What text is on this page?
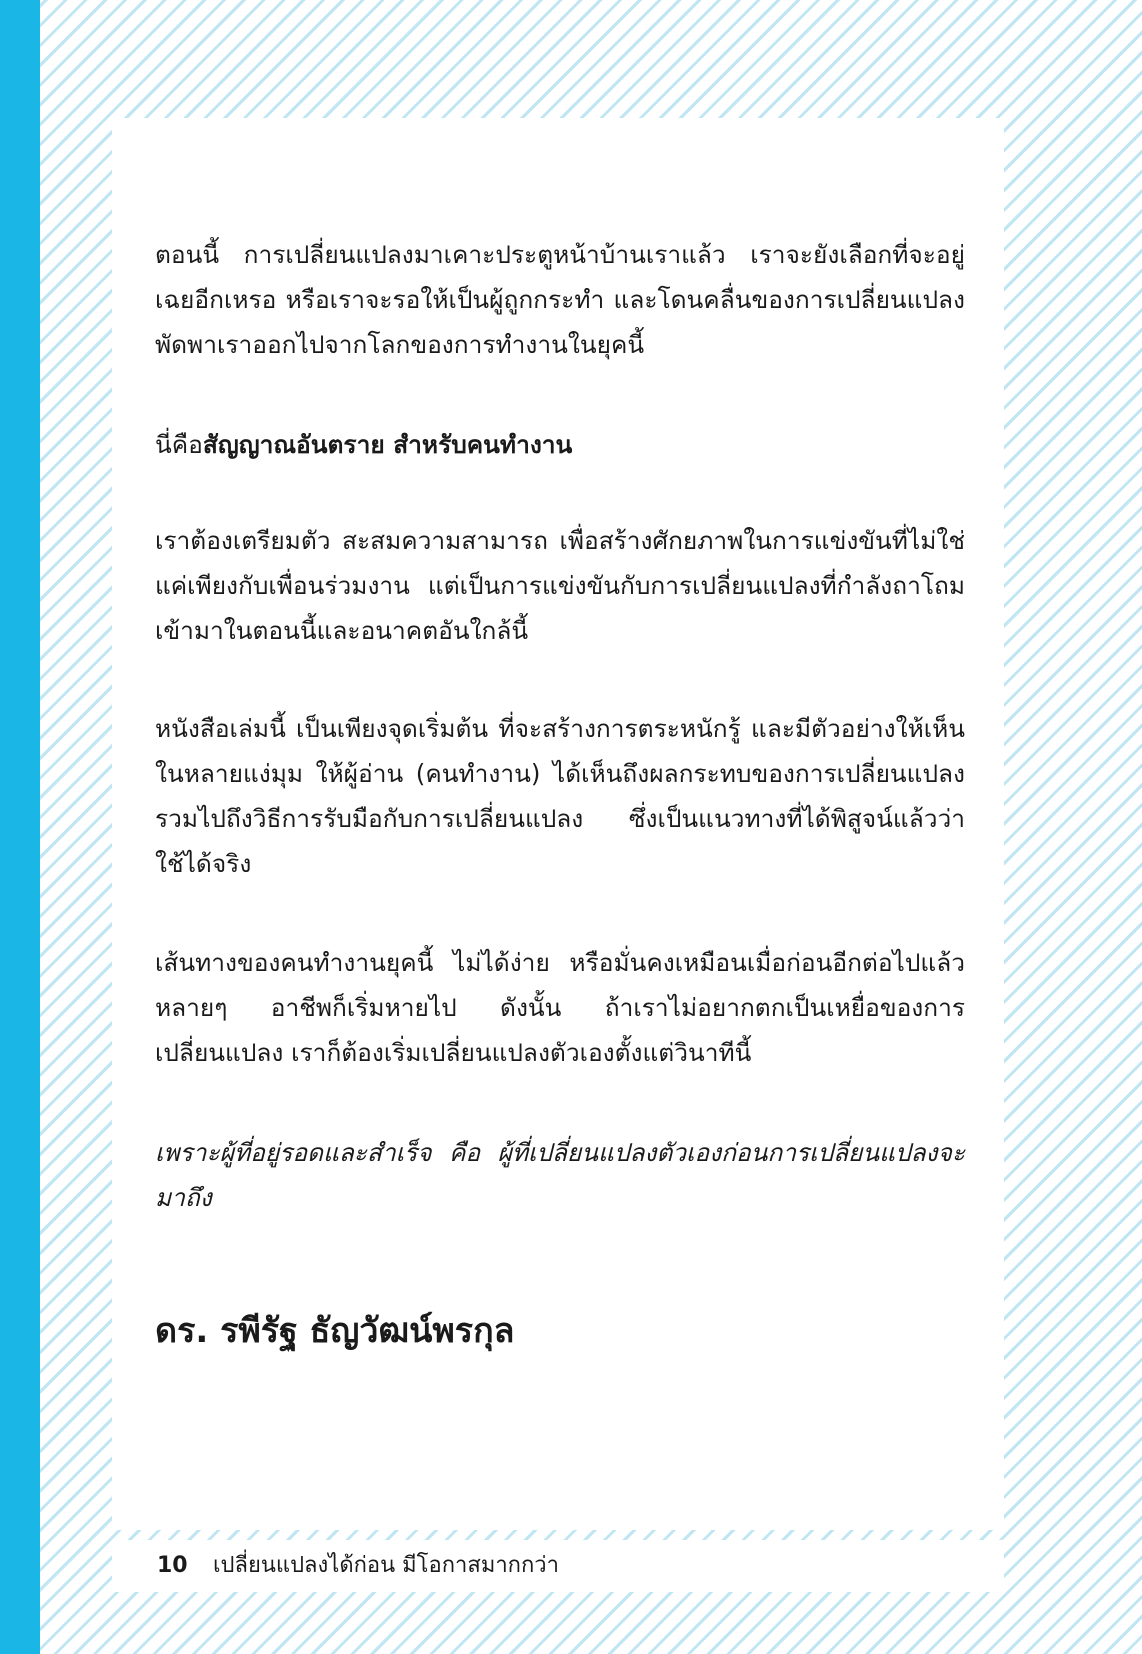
ตอนนี้ การเปลี่ยนแปลงมาเคาะประตูหน้าบ้านเราแล้ว เราจะยังเลือกที่จะอยู่เฉยอีกเหรอ หรือเราจะรอให้เป็นผู้ถูกกระทำ และโดนคลื่นของการเปลี่ยนแปลงพัดพาเราออกไปจากโลกของการทำงานในยุคนี้

นี่คือสัญญาณอันตราย สำหรับคนทำงาน

เราต้องเตรียมตัว สะสมความสามารถ เพื่อสร้างศักยภาพในการแข่งขันที่ไม่ใช่แค่เพียงกับเพื่อนร่วมงาน แต่เป็นการแข่งขันกับการเปลี่ยนแปลงที่กำลังถาโถมเข้ามาในตอนนี้และอนาคตอันใกล้นี้

หนังสือเล่มนี้ เป็นเพียงจุดเริ่มต้น ที่จะสร้างการตระหนักรู้ และมีตัวอย่างให้เห็นในหลายแง่มุม ให้ผู้อ่าน (คนทำงาน) ได้เห็นถึงผลกระทบของการเปลี่ยนแปลง รวมไปถึงวิธีการรับมือกับการเปลี่ยนแปลง ซึ่งเป็นแนวทางที่ได้พิสูจน์แล้วว่าใช้ได้จริง

เส้นทางของคนทำงานยุคนี้ ไม่ได้ง่าย หรือมั่นคงเหมือนเมื่อก่อนอีกต่อไปแล้ว หลายๆ อาชีพก็เริ่มหายไป ดังนั้น ถ้าเราไม่อยากตกเป็นเหยื่อของการเปลี่ยนแปลง เราก็ต้องเริ่มเปลี่ยนแปลงตัวเองตั้งแต่วินาทีนี้

เพราะผู้ที่อยู่รอดและสำเร็จ คือ ผู้ที่เปลี่ยนแปลงตัวเองก่อนการเปลี่ยนแปลงจะมาถึง

ดร. รพีรัฐ ธัญวัฒน์พรกุล

10 เปลี่ยนแปลงได้ก่อน มีโอกาสมากกว่า
